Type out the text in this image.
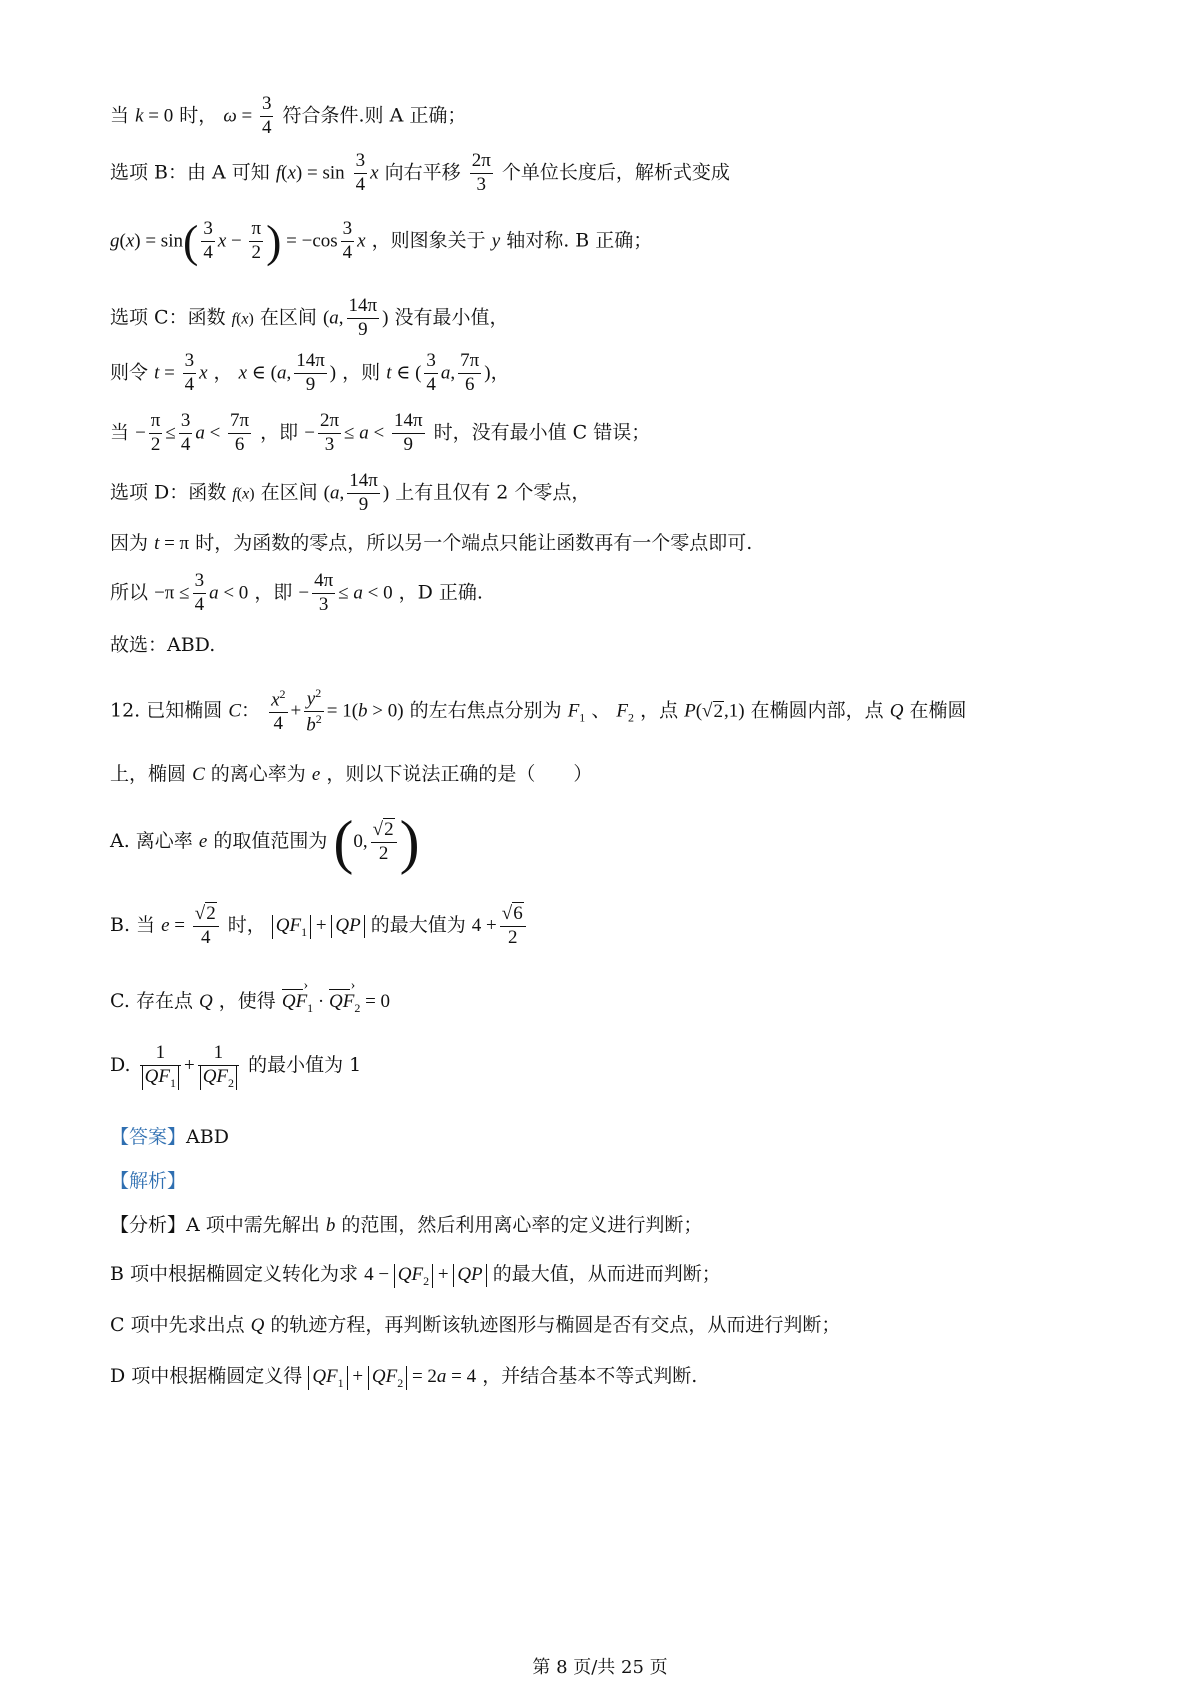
当 k = 0 时， $\omega = \frac{3}{4}$ 符合条件.则 A 正确；
选项 B：由 A 可知 $f(x) = \sin \frac{3}{4}$ x 向右平移 $\frac{2\pi}{3}$ 个单位长度后，解析式变成
$g(x) = \sin( \frac{3}{4}$ $x - \frac{\pi}{2}$ ) = $-\cos \frac{3}{4}$ x ，则图象关于 y 轴对称. B 正确；
选项 C：函数 f(x) 在区间 (a, $\frac{14\pi}{9}$ ) 没有最小值，
则令 $t = \frac{3}{4}$ x ， x ∈ (a, $\frac{14\pi}{9}$ ) ，则 t ∈ ( $\frac{3}{4} a$, $\frac{7\pi}{6}$ )，
当 − $\frac{\pi}{2} \le \frac{3}{4}$ $a < \frac{7\pi}{6}$ ，即 − $\frac{2\pi}{3} \le a < \frac{14\pi}{9}$ 时，没有最小值 C 错误；
选项 D：函数 f(x) 在区间 (a, $\frac{14\pi}{9}$ ) 上有且仅有 2 个零点，
因为 t = π 时，为函数的零点，所以另一个端点只能让函数再有一个零点即可.
所以 $-\pi \le \frac{3}{4}$ a < 0 ，即 − $\frac{4\pi}{3} \le a < 0$ ，D 正确.
故选：ABD.
12. 已知椭圆 C： $\frac{x^2}{4} + \frac{y^2}{b^2} = 1(b > 0)$ 的左右焦点分别为 $F_1$ 、 $F_2$ ，点 P(√2,1) 在椭圆内部，点 Q 在椭圆
上，椭圆 C 的离心率为 e ，则以下说法正确的是（　　）
A. 离心率 e 的取值范围为 (0, $\frac{√2}{2}$ )
B. 当 $e = \frac{√2}{4}$ 时， $QF_1$ + QP 的最大值为 $4 + \frac{√6}{2}$
C. 存在点 Q ，使得 QF $›_1$ · QF $›_2 = 0$
D. $\frac{1}{QF_1} + \frac{1}{QF_2}$ 的最小值为 1
【答案】ABD
【解析】
【分析】A 项中需先解出 b 的范围，然后利用离心率的定义进行判断；
B 项中根据椭圆定义转化为求 $4 - QF_2$ + QP 的最大值，从而进而判断；
C 项中先求出点 Q 的轨迹方程，再判断该轨迹图形与椭圆是否有交点，从而进行判断；
D 项中根据椭圆定义得 $QF_1 + QF_2 = 2a = 4$ ，并结合基本不等式判断.
第 8 页/共 25 页
